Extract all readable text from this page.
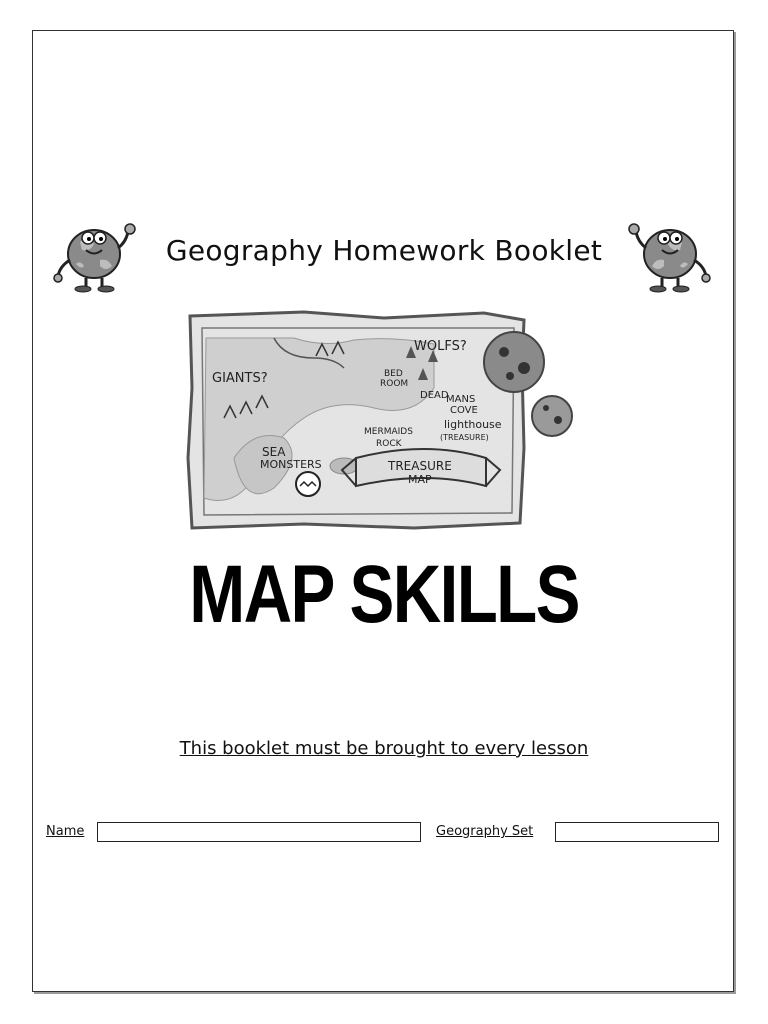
Geography Homework Booklet
GIANTS?
WOLFS?
BED
ROOM
DEAD
MANS
COVE
lighthouse
(TREASURE)
MERMAIDS
ROCK
SEA
MONSTERS	TREASURE
MAP
MAP SKILLS
This booklet must be brought to every lesson
Name	Geography Set
